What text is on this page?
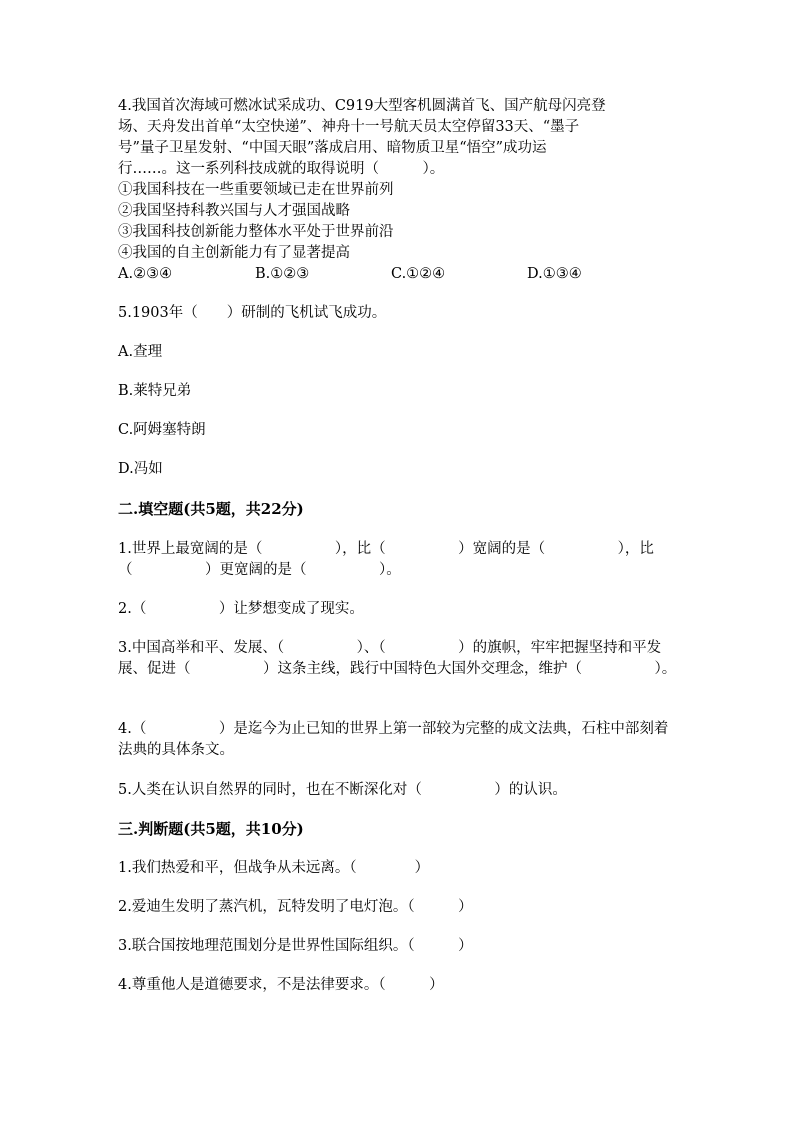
4.我国首次海域可燃冰试采成功、C919大型客机圆满首飞、国产航母闪亮登
场、天舟发出首单“太空快递”、神舟十一号航天员太空停留33天、“墨子
号”量子卫星发射、“中国天眼”落成启用、暗物质卫星“悟空”成功运
行……。这一系列科技成就的取得说明（　　　）。
①我国科技在一些重要领域已走在世界前列
②我国坚持科教兴国与人才强国战略
③我国科技创新能力整体水平处于世界前沿
④我国的自主创新能力有了显著提高
A.②③④	B.①②③	C.①②④	D.①③④
5.1903年（　　）研制的飞机试飞成功。
A.查理
B.莱特兄弟
C.阿姆塞特朗
D.冯如
二.填空题(共5题，共22分)
1.世界上最宽阔的是（　　　　　），比（　　　　　）宽阔的是（　　　　　），比（　　　　　）更宽阔的是（　　　　　）。
2.（　　　　　）让梦想变成了现实。
3.中国高举和平、发展、（　　　　　）、（　　　　　）的旗帜，牢牢把握坚持和平发展、促进（　　　　　）这条主线，践行中国特色大国外交理念，维护（　　　　　）。
4.（　　　　　）是迄今为止已知的世界上第一部较为完整的成文法典，石柱中部刻着法典的具体条文。
5.人类在认识自然界的同时，也在不断深化对（　　　　　）的认识。
三.判断题(共5题，共10分)
1.我们热爱和平，但战争从未远离。（　　　　）
2.爱迪生发明了蒸汽机，瓦特发明了电灯泡。（　　　）
3.联合国按地理范围划分是世界性国际组织。（　　　）
4.尊重他人是道德要求，不是法律要求。（　　　）
